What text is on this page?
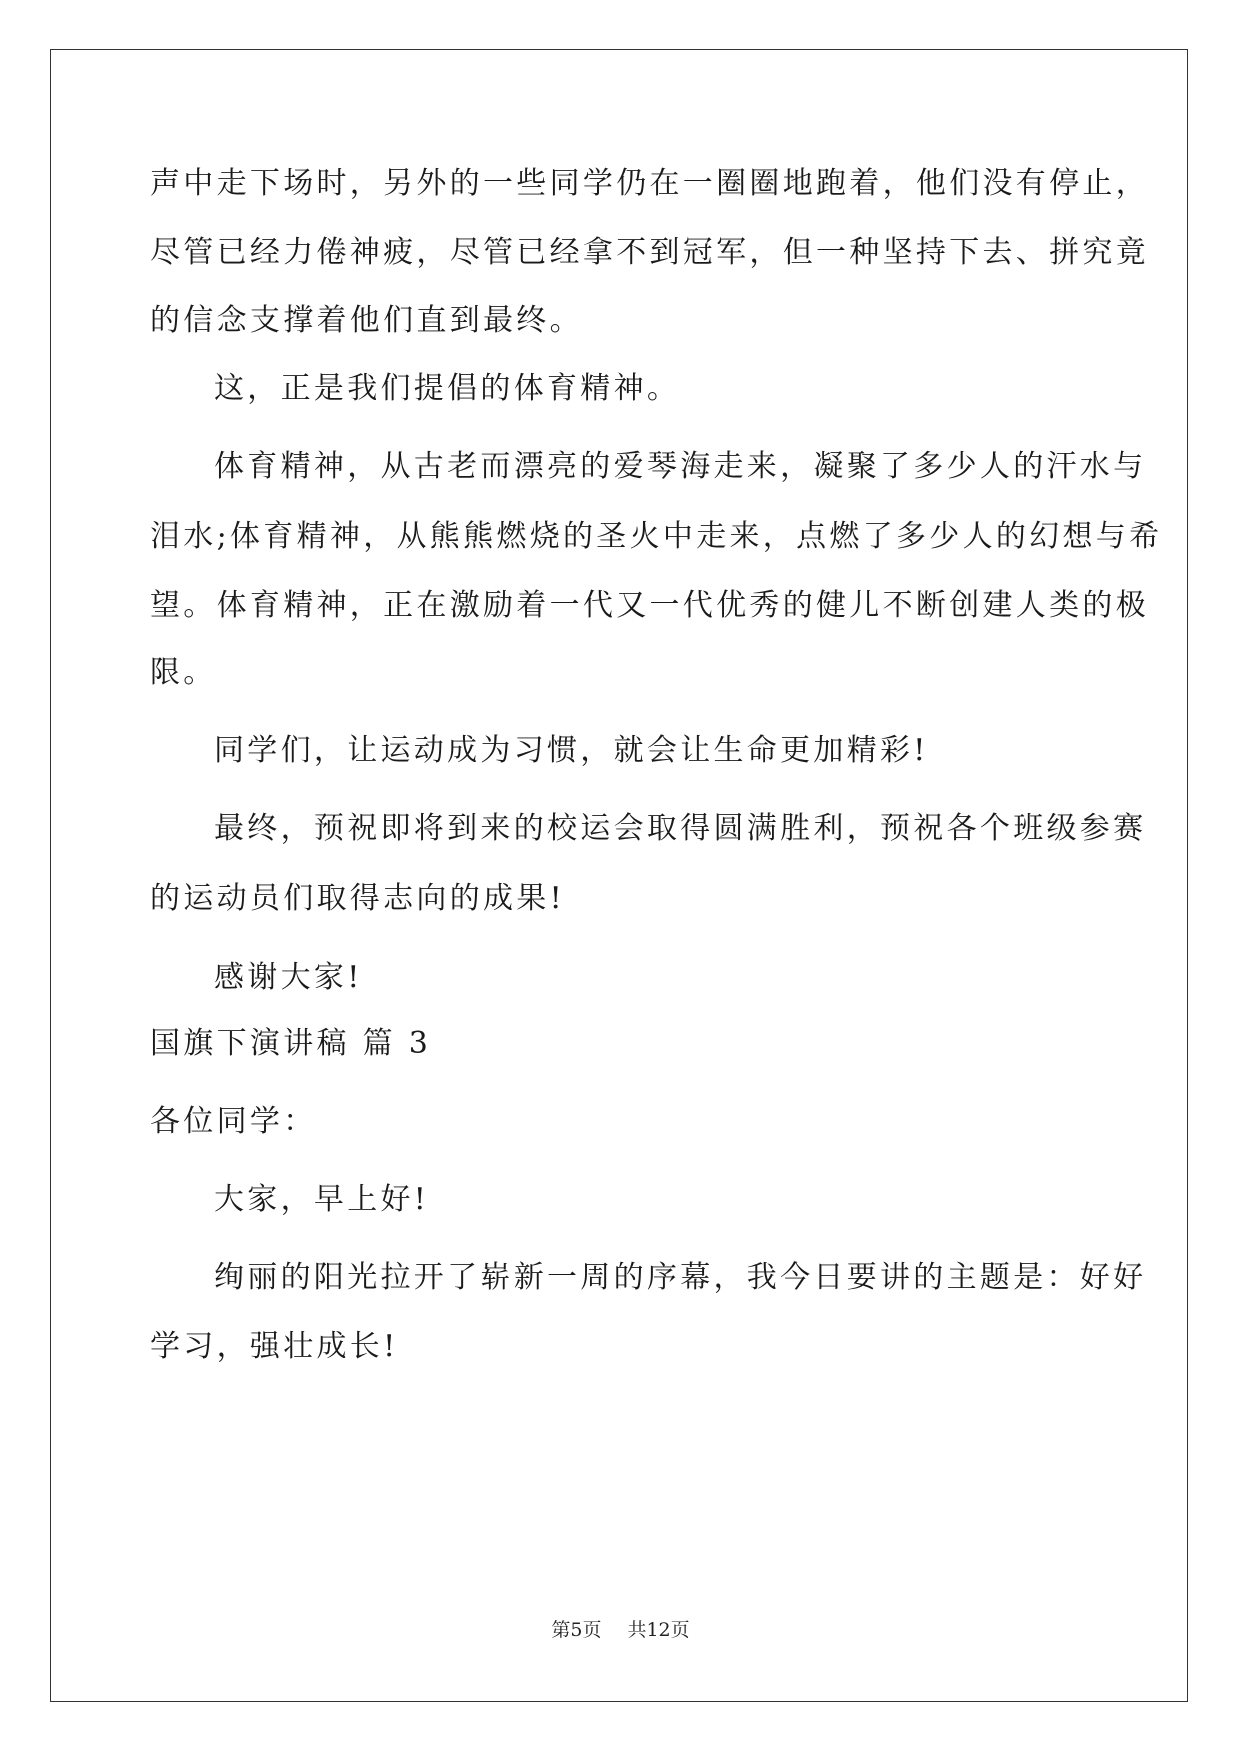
声中走下场时，另外的一些同学仍在一圈圈地跑着，他们没有停止，
尽管已经力倦神疲，尽管已经拿不到冠军，但一种坚持下去、拼究竟
的信念支撑着他们直到最终。
这，正是我们提倡的体育精神。
体育精神，从古老而漂亮的爱琴海走来，凝聚了多少人的汗水与
泪水;体育精神，从熊熊燃烧的圣火中走来，点燃了多少人的幻想与希
望。体育精神，正在激励着一代又一代优秀的健儿不断创建人类的极
限。
同学们，让运动成为习惯，就会让生命更加精彩!
最终，预祝即将到来的校运会取得圆满胜利，预祝各个班级参赛
的运动员们取得志向的成果!
感谢大家!
国旗下演讲稿 篇 3
各位同学：
大家，早上好!
绚丽的阳光拉开了崭新一周的序幕，我今日要讲的主题是：好好
学习，强壮成长!
第5页 共12页
